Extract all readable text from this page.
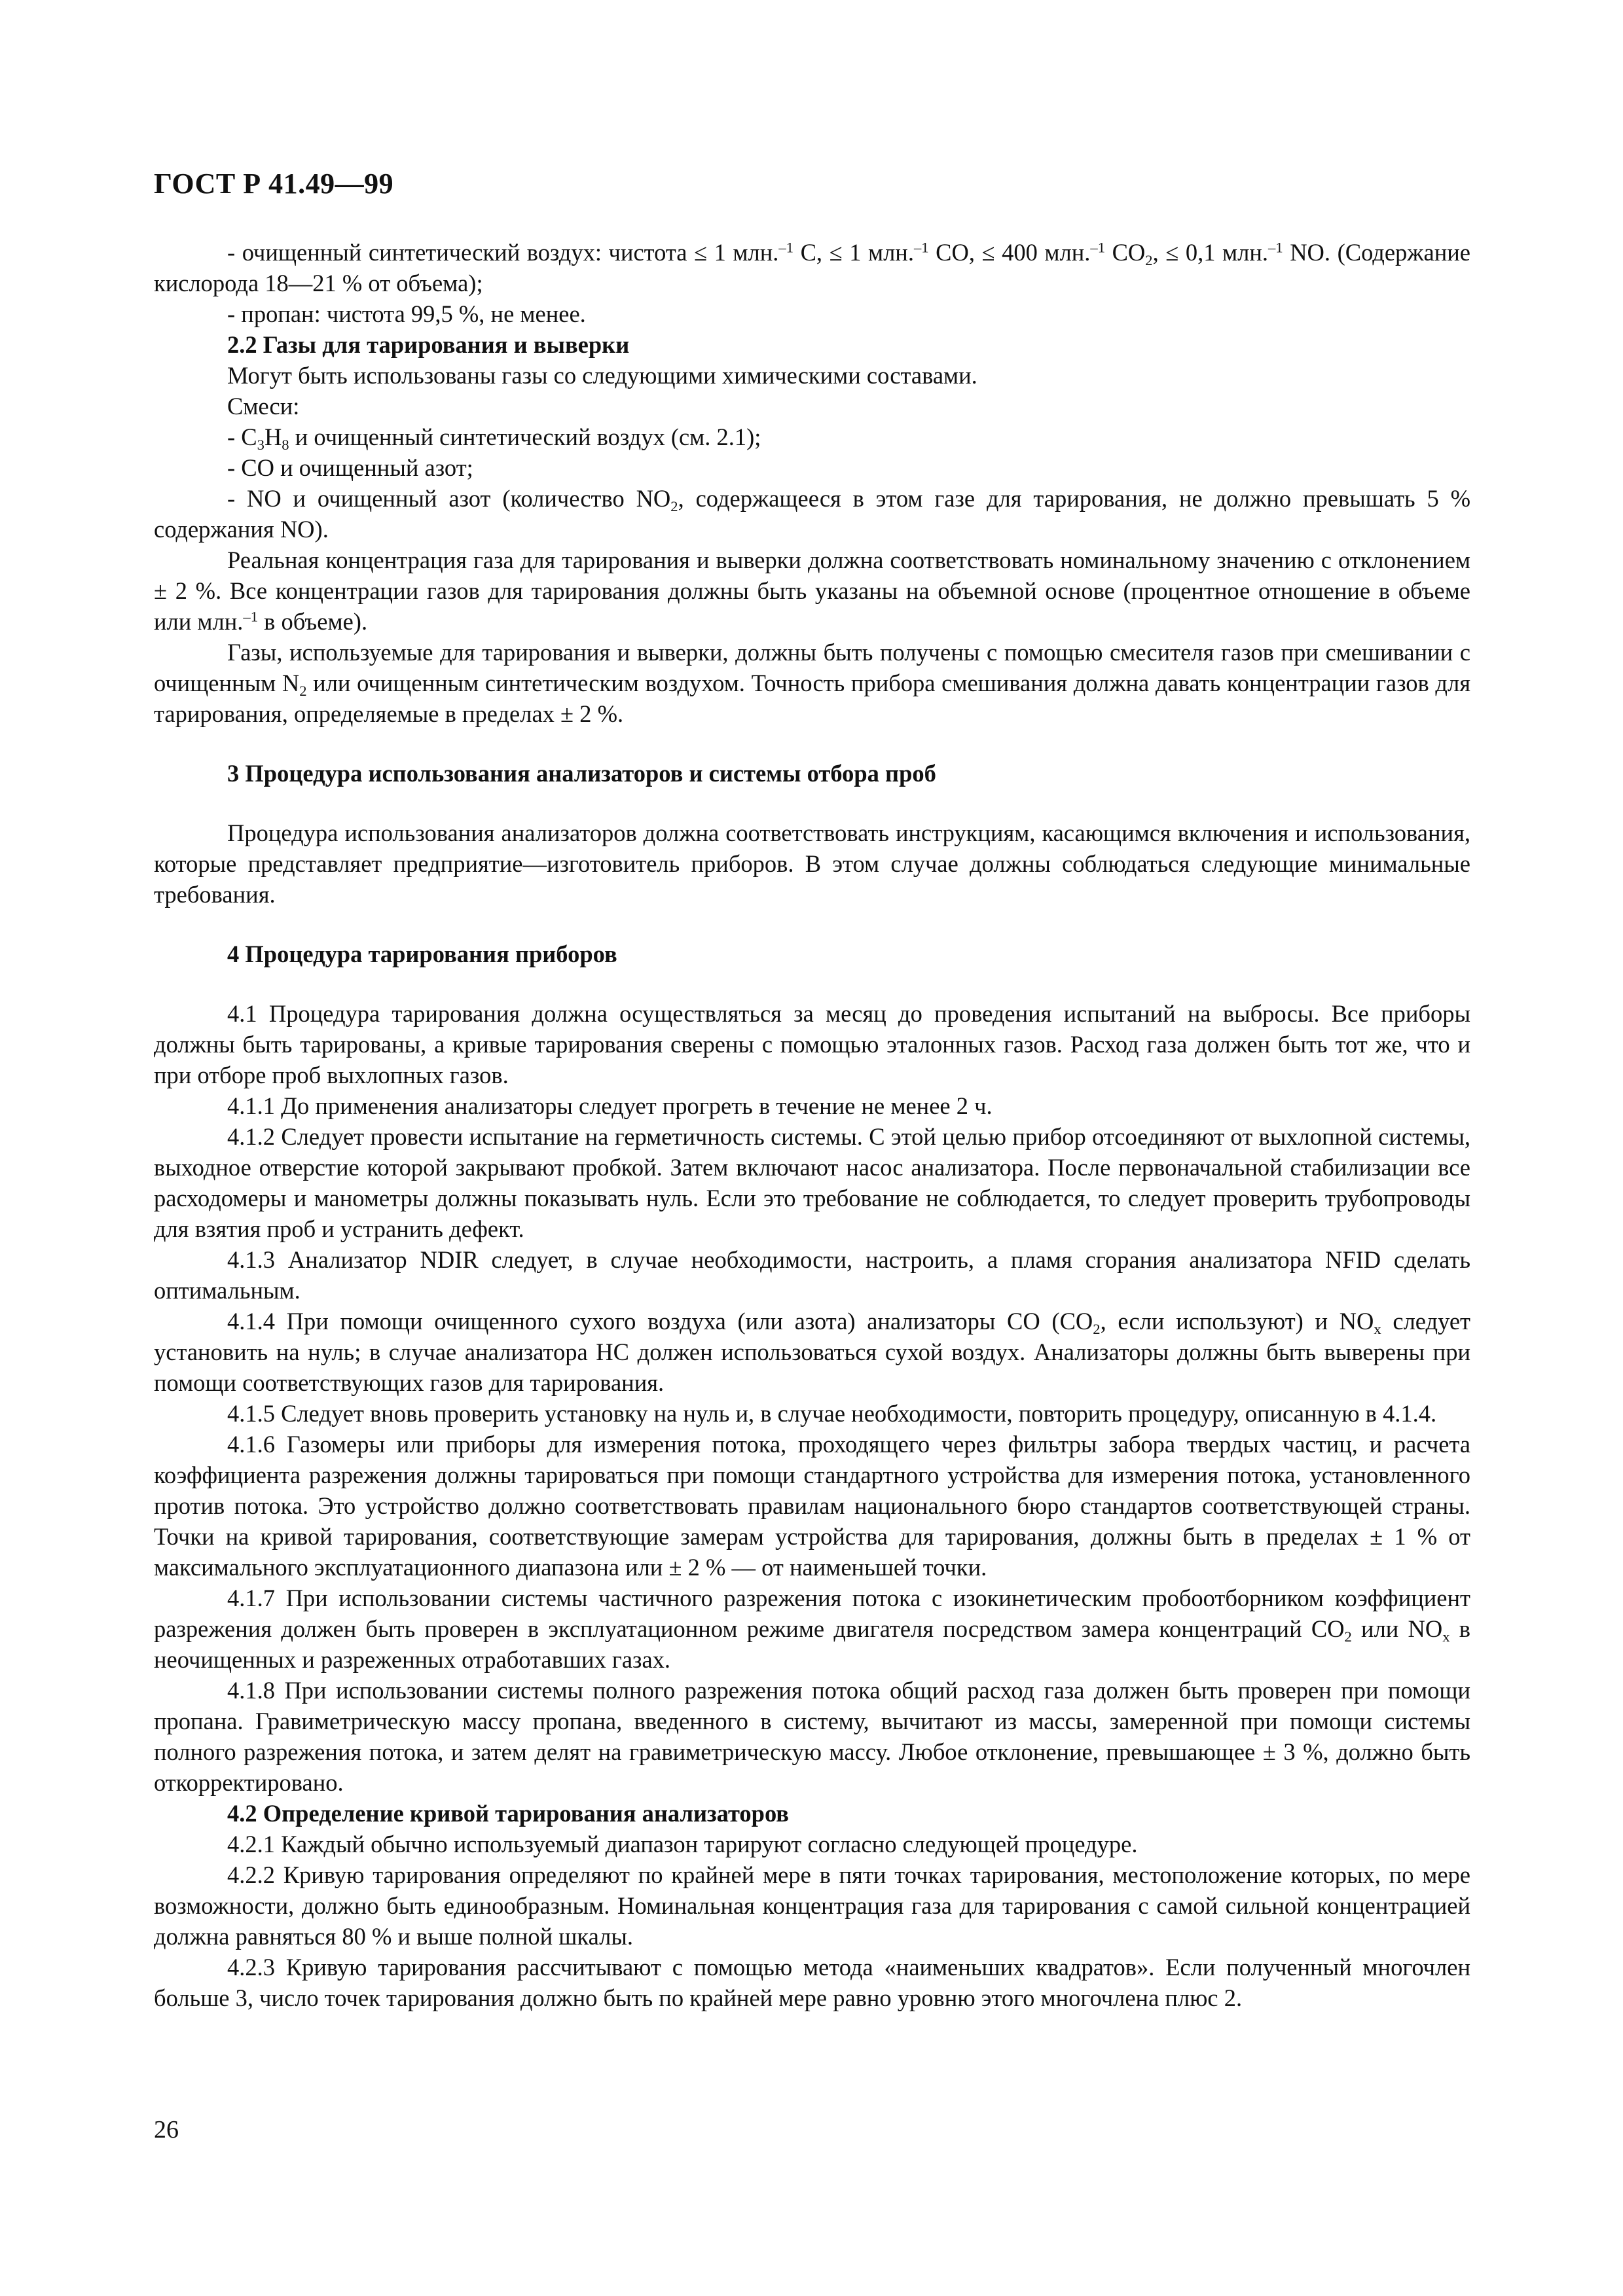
ГОСТ Р 41.49—99

- очищенный синтетический воздух: чистота ≤ 1 млн.$^{-1}$ С, ≤ 1 млн.$^{-1}$ СО, ≤ 400 млн.$^{-1}$ $СО_2$, ≤ 0,1 млн.$^{-1}$ NO. (Содержание кислорода 18—21 % от объема);

- пропан: чистота 99,5 %, не менее.

2.2 Газы для тарирования и выверки

Могут быть использованы газы со следующими химическими составами.

Смеси:

- $C_3H_8$ и очищенный синтетический воздух (см. 2.1);

- СО и очищенный азот;

- NO и очищенный азот (количество $NO_2$, содержащееся в этом газе для тарирования, не должно превышать 5 % содержания NO).

Реальная концентрация газа для тарирования и выверки должна соответствовать номинальному значению с отклонением ± 2 %. Все концентрации газов для тарирования должны быть указаны на объемной основе (процентное отношение в объеме или млн.$^{-1}$ в объеме).

Газы, используемые для тарирования и выверки, должны быть получены с помощью смесителя газов при смешивании с очищенным $N_2$ или очищенным синтетическим воздухом. Точность прибора смешивания должна давать концентрации газов для тарирования, определяемые в пределах ± 2 %.

3 Процедура использования анализаторов и системы отбора проб

Процедура использования анализаторов должна соответствовать инструкциям, касающимся включения и использования, которые представляет предприятие—изготовитель приборов. В этом случае должны соблюдаться следующие минимальные требования.

4 Процедура тарирования приборов

4.1 Процедура тарирования должна осуществляться за месяц до проведения испытаний на выбросы. Все приборы должны быть тарированы, а кривые тарирования сверены с помощью эталонных газов. Расход газа должен быть тот же, что и при отборе проб выхлопных газов.

4.1.1 До применения анализаторы следует прогреть в течение не менее 2 ч.

4.1.2 Следует провести испытание на герметичность системы. С этой целью прибор отсоединяют от выхлопной системы, выходное отверстие которой закрывают пробкой. Затем включают насос анализатора. После первоначальной стабилизации все расходомеры и манометры должны показывать нуль. Если это требование не соблюдается, то следует проверить трубопроводы для взятия проб и устранить дефект.

4.1.3 Анализатор NDIR следует, в случае необходимости, настроить, а пламя сгорания анализатора NFID сделать оптимальным.

4.1.4 При помощи очищенного сухого воздуха (или азота) анализаторы СО ($СО_2$, если используют) и $NO_x$ следует установить на нуль; в случае анализатора НС должен использоваться сухой воздух. Анализаторы должны быть выверены при помощи соответствующих газов для тарирования.

4.1.5 Следует вновь проверить установку на нуль и, в случае необходимости, повторить процедуру, описанную в 4.1.4.

4.1.6 Газомеры или приборы для измерения потока, проходящего через фильтры забора твердых частиц, и расчета коэффициента разрежения должны тарироваться при помощи стандартного устройства для измерения потока, установленного против потока. Это устройство должно соответствовать правилам национального бюро стандартов соответствующей страны. Точки на кривой тарирования, соответствующие замерам устройства для тарирования, должны быть в пределах ± 1 % от максимального эксплуатационного диапазона или ± 2 % — от наименьшей точки.

4.1.7 При использовании системы частичного разрежения потока с изокинетическим пробоотборником коэффициент разрежения должен быть проверен в эксплуатационном режиме двигателя посредством замера концентраций $СО_2$ или $NO_x$ в неочищенных и разреженных отработавших газах.

4.1.8 При использовании системы полного разрежения потока общий расход газа должен быть проверен при помощи пропана. Гравиметрическую массу пропана, введенного в систему, вычитают из массы, замеренной при помощи системы полного разрежения потока, и затем делят на гравиметрическую массу. Любое отклонение, превышающее ± 3 %, должно быть откорректировано.

4.2 Определение кривой тарирования анализаторов

4.2.1 Каждый обычно используемый диапазон тарируют согласно следующей процедуре.

4.2.2 Кривую тарирования определяют по крайней мере в пяти точках тарирования, местоположение которых, по мере возможности, должно быть единообразным. Номинальная концентрация газа для тарирования с самой сильной концентрацией должна равняться 80 % и выше полной шкалы.

4.2.3 Кривую тарирования рассчитывают с помощью метода «наименьших квадратов». Если полученный многочлен больше 3, число точек тарирования должно быть по крайней мере равно уровню этого многочлена плюс 2.

26
